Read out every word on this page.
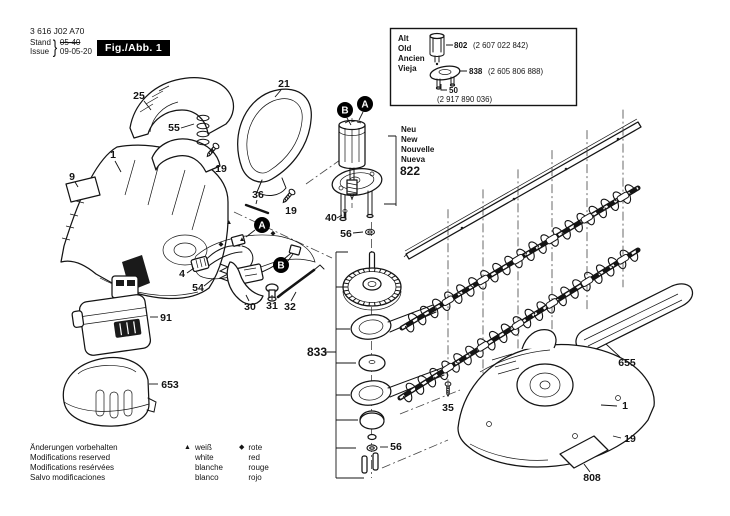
Alt
Old
Ancien
Vieja
802 (2 607 022 842)
838 (2 605 806 888)
50
(2 917 890 036)
25
55
1
9
19
21
36
19
4
54
30 31 32
91
653
40
56
833
35
56
655
1
19
808
Neu
New
Nouvelle
Nueva
822
A
B
B
A
▲
▲
◆
◆
3 616 J02 A70
Stand
Issue } 05-40
09-05-20	Fig./Abb. 1
Änderungen vorbehalten
Modifications reserved
Modifications resérvées
Salvo modificaciones
▲ weiß
white
blanche
blanco
◆ rote
red
rouge
rojo
